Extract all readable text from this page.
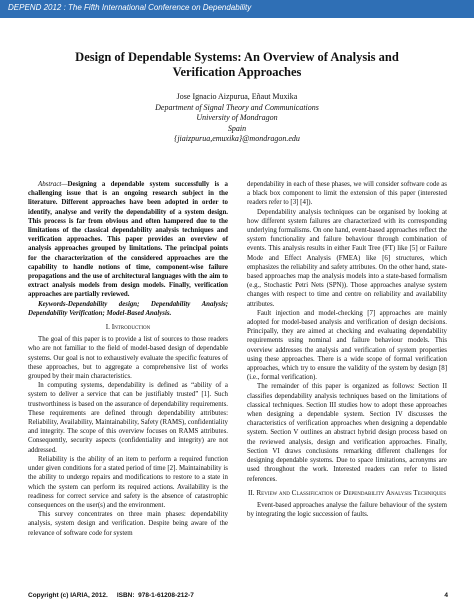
DEPEND 2012 : The Fifth International Conference on Dependability
Design of Dependable Systems: An Overview of Analysis and Verification Approaches
Jose Ignacio Aizpurua, Eñaut Muxika
Department of Signal Theory and Communications
University of Mondragon
Spain
{jiaizpurua,emuxika}@mondragon.edu

Abstract—Designing a dependable system successfully is a challenging issue that is an ongoing research subject in the literature. Different approaches have been adopted in order to identify, analyse and verify the dependability of a system design. This process is far from obvious and often hampered due to the limitations of the classical dependability analysis techniques and verification approaches. This paper provides an overview of analysis approaches grouped by limitations. The principal points for the characterization of the considered approaches are the capability to handle notions of time, component-wise failure propagations and the use of architectural languages with the aim to extract analysis models from design models. Finally, verification approaches are partially reviewed.

Keywords-Dependability design; Dependability Analysis; Dependability Verification; Model-Based Analysis.

I. Introduction

The goal of this paper is to provide a list of sources to those readers who are not familiar to the field of model-based design of dependable systems. Our goal is not to exhaustively evaluate the specific features of these approaches, but to aggregate a comprehensive list of works grouped by their main characteristics.

In computing systems, dependability is defined as “ability of a system to deliver a service that can be justifiably trusted” [1]. Such trustworthiness is based on the assurance of dependability requirements. These requirements are defined through dependability attributes: Reliability, Availability, Maintainability, Safety (RAMS), confidentiality and integrity. The scope of this overview focuses on RAMS attributes. Consequently, security aspects (confidentiality and integrity) are not addressed.

Reliability is the ability of an item to perform a required function under given conditions for a stated period of time [2]. Maintainability is the ability to undergo repairs and modifications to restore to a state in which the system can perform its required actions. Availability is the readiness for correct service and safety is the absence of catastrophic consequences on the user(s) and the environment.

This survey concentrates on three main phases: dependability analysis, system design and verification. Despite being aware of the relevance of software code for system

dependability in each of these phases, we will consider software code as a black box component to limit the extension of this paper (interested readers refer to [3] [4]).

Dependability analysis techniques can be organised by looking at how different system failures are characterized with its corresponding underlying formalisms. On one hand, event-based approaches reflect the system functionality and failure behaviour through combination of events. This analysis results in either Fault Tree (FT) like [5] or Failure Mode and Effect Analysis (FMEA) like [6] structures, which emphasizes the reliability and safety attributes. On the other hand, state-based approaches map the analysis models into a state-based formalism (e.g., Stochastic Petri Nets (SPN)). Those approaches analyse system changes with respect to time and centre on reliability and availability attributes.

Fault injection and model-checking [7] approaches are mainly adopted for model-based analysis and verification of design decisions. Principally, they are aimed at checking and evaluating dependability requirements using nominal and failure behaviour models. This overview addresses the analysis and verification of system properties using these approaches. There is a wide scope of formal verification approaches, which try to ensure the validity of the system by design [8] (i.e., formal verification).

The remainder of this paper is organized as follows: Section II classifies dependability analysis techniques based on the limitations of classical techniques. Section III studies how to adopt these approaches when designing a dependable system. Section IV discusses the characteristics of verification approaches when designing a dependable system. Section V outlines an abstract hybrid design process based on the reviewed analysis, design and verification approaches. Finally, Section VI draws conclusions remarking different challenges for designing dependable systems. Due to space limitations, acronyms are used throughout the work. Interested readers can refer to listed references.

II. Review and Classification of Dependability Analysis Techniques

Event-based approaches analyse the failure behaviour of the system by integrating the logic succession of faults.

Copyright (c) IARIA, 2012.     ISBN:  978-1-61208-212-7	4
